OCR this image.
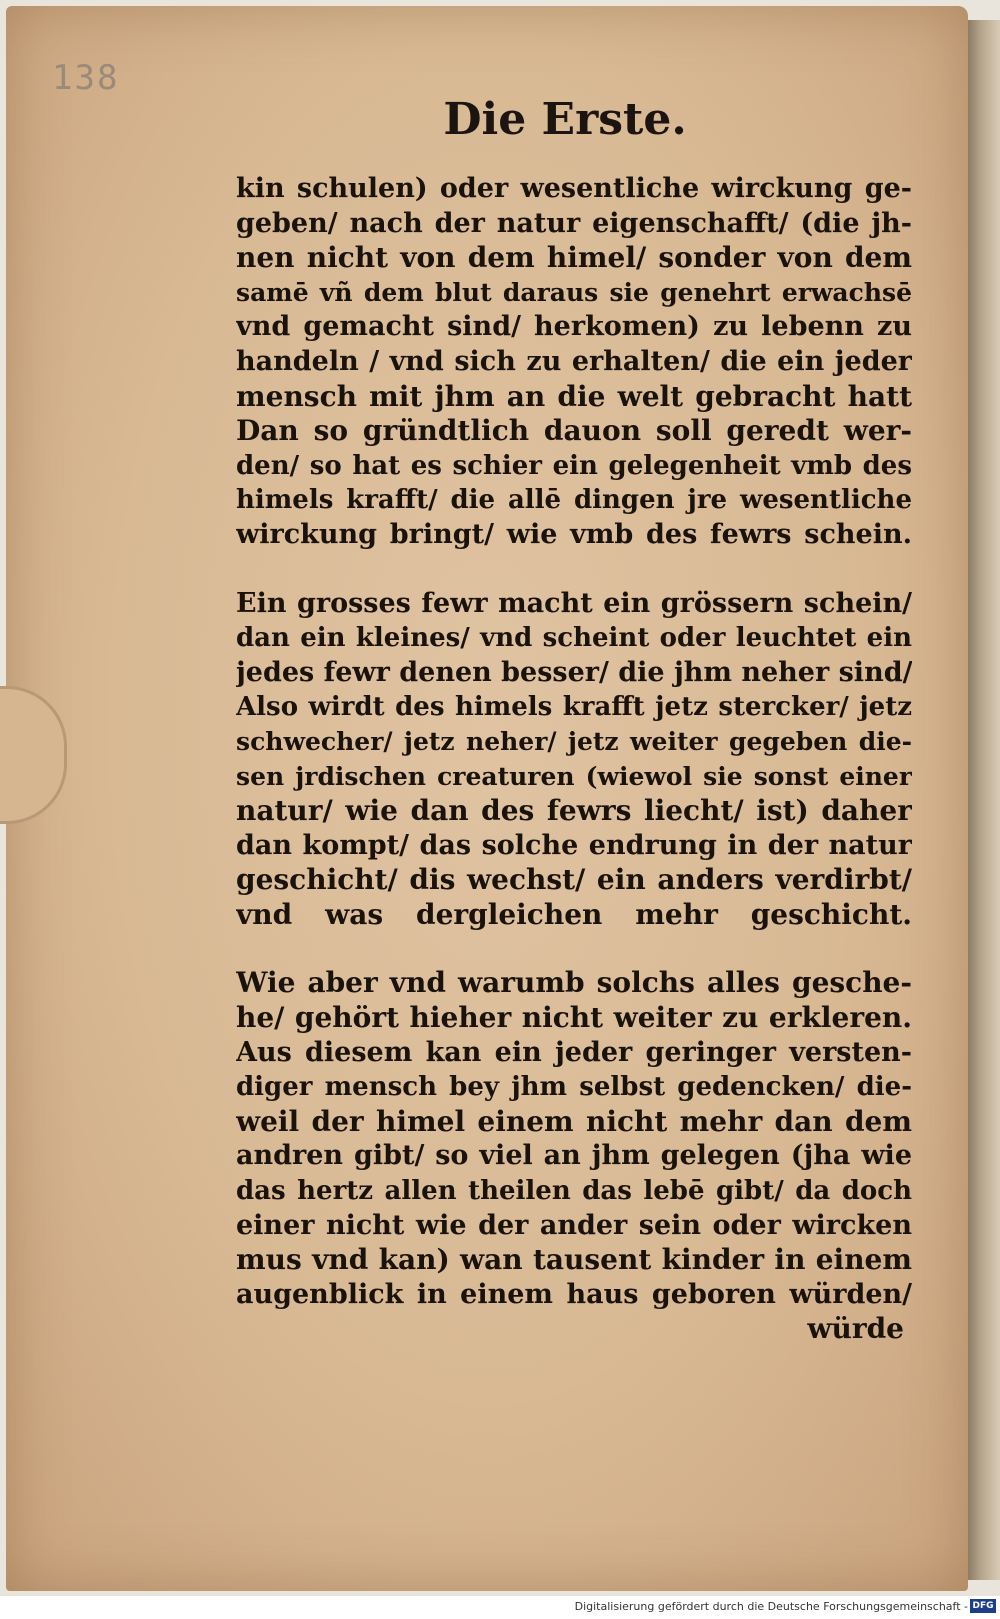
138
Die Erste.
kin schulen) oder wesentliche wirckung ge-
geben/ nach der natur eigenschafft/ (die jh-
nen nicht von dem himel/ sonder von dem
samē vñ dem blut daraus sie genehrt erwachsē
vnd gemacht sind/ herkomen) zu lebenn zu
handeln / vnd sich zu erhalten/ die ein jeder
mensch mit jhm an die welt gebracht hatt
Dan so gründtlich dauon soll geredt wer-
den/ so hat es schier ein gelegenheit vmb des
himels krafft/ die allē dingen jre wesentliche
wirckung bringt/ wie vmb des fewrs schein.
Ein grosses fewr macht ein grössern schein/
dan ein kleines/ vnd scheint oder leuchtet ein
jedes fewr denen besser/ die jhm neher sind/
Also wirdt des himels krafft jetz stercker/ jetz
schwecher/ jetz neher/ jetz weiter gegeben die-
sen jrdischen creaturen (wiewol sie sonst einer
natur/ wie dan des fewrs liecht/ ist) daher
dan kompt/ das solche endrung in der natur
geschicht/ dis wechst/ ein anders verdirbt/
vnd was dergleichen mehr geschicht.
Wie aber vnd warumb solchs alles gesche-
he/ gehört hieher nicht weiter zu erkleren.
Aus diesem kan ein jeder geringer versten-
diger mensch bey jhm selbst gedencken/ die-
weil der himel einem nicht mehr dan dem
andren gibt/ so viel an jhm gelegen (jha wie
das hertz allen theilen das lebē gibt/ da doch
einer nicht wie der ander sein oder wircken
mus vnd kan) wan tausent kinder in einem
augenblick in einem haus geboren würden/
würde
Digitalisierung gefördert durch die Deutsche Forschungsgemeinschaft - DFG
